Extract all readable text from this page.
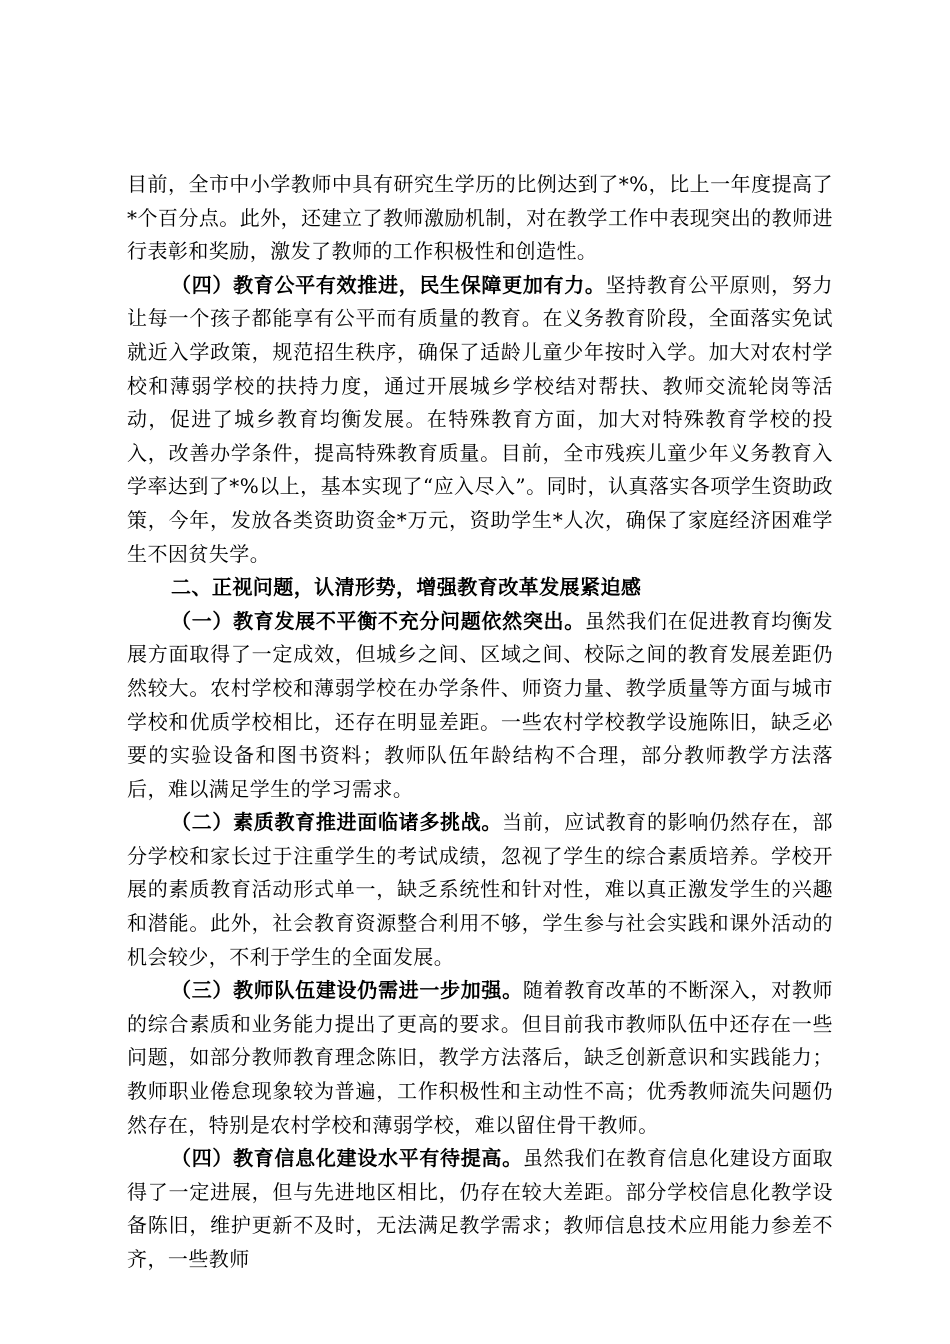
目前，全市中小学教师中具有研究生学历的比例达到了*%，比上一年度提高了*个百分点。此外，还建立了教师激励机制，对在教学工作中表现突出的教师进行表彰和奖励，激发了教师的工作积极性和创造性。

（四）教育公平有效推进，民生保障更加有力。坚持教育公平原则，努力让每一个孩子都能享有公平而有质量的教育。在义务教育阶段，全面落实免试就近入学政策，规范招生秩序，确保了适龄儿童少年按时入学。加大对农村学校和薄弱学校的扶持力度，通过开展城乡学校结对帮扶、教师交流轮岗等活动，促进了城乡教育均衡发展。在特殊教育方面，加大对特殊教育学校的投入，改善办学条件，提高特殊教育质量。目前，全市残疾儿童少年义务教育入学率达到了*%以上，基本实现了“应入尽入”。同时，认真落实各项学生资助政策，今年，发放各类资助资金*万元，资助学生*人次，确保了家庭经济困难学生不因贫失学。

二、正视问题，认清形势，增强教育改革发展紧迫感

（一）教育发展不平衡不充分问题依然突出。虽然我们在促进教育均衡发展方面取得了一定成效，但城乡之间、区域之间、校际之间的教育发展差距仍然较大。农村学校和薄弱学校在办学条件、师资力量、教学质量等方面与城市学校和优质学校相比，还存在明显差距。一些农村学校教学设施陈旧，缺乏必要的实验设备和图书资料；教师队伍年龄结构不合理，部分教师教学方法落后，难以满足学生的学习需求。

（二）素质教育推进面临诸多挑战。当前，应试教育的影响仍然存在，部分学校和家长过于注重学生的考试成绩，忽视了学生的综合素质培养。学校开展的素质教育活动形式单一，缺乏系统性和针对性，难以真正激发学生的兴趣和潜能。此外，社会教育资源整合利用不够，学生参与社会实践和课外活动的机会较少，不利于学生的全面发展。

（三）教师队伍建设仍需进一步加强。随着教育改革的不断深入，对教师的综合素质和业务能力提出了更高的要求。但目前我市教师队伍中还存在一些问题，如部分教师教育理念陈旧，教学方法落后，缺乏创新意识和实践能力；教师职业倦怠现象较为普遍，工作积极性和主动性不高；优秀教师流失问题仍然存在，特别是农村学校和薄弱学校，难以留住骨干教师。

（四）教育信息化建设水平有待提高。虽然我们在教育信息化建设方面取得了一定进展，但与先进地区相比，仍存在较大差距。部分学校信息化教学设备陈旧，维护更新不及时，无法满足教学需求；教师信息技术应用能力参差不齐，一些教师
